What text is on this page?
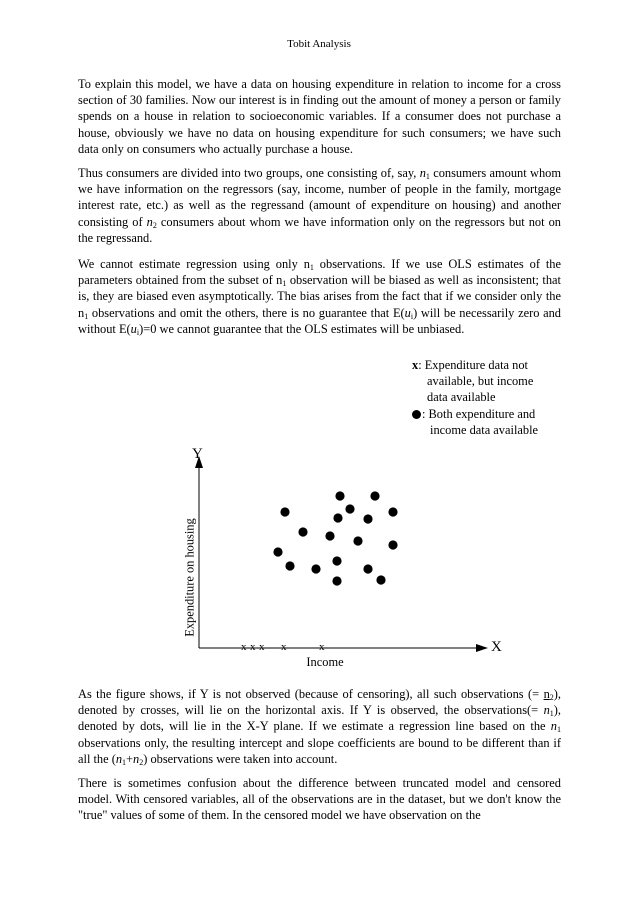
Tobit Analysis

To explain this model, we have a data on housing expenditure in relation to income for a cross section of 30 families. Now our interest is in finding out the amount of money a person or family spends on a house in relation to socioeconomic variables. If a consumer does not purchase a house, obviously we have no data on housing expenditure for such consumers; we have such data only on consumers who actually purchase a house.

Thus consumers are divided into two groups, one consisting of, say, $n_1$ consumers amount whom we have information on the regressors (say, income, number of people in the family, mortgage interest rate, etc.) as well as the regressand (amount of expenditure on housing) and another consisting of $n_2$ consumers about whom we have information only on the regressors but not on the regressand.

We cannot estimate regression using only $n_1$ observations. If we use OLS estimates of the parameters obtained from the subset of $n_1$ observation will be biased as well as inconsistent; that is, they are biased even asymptotically. The bias arises from the fact that if we consider only the $n_1$ observations and omit the others, there is no guarantee that $E(u_i)$ will be necessarily zero and without $E(u_i)=0$ we cannot guarantee that the OLS estimates will be unbiased.

x: Expenditure data not
available, but income
data available
: Both expenditure and
income data available
x x x x	x
Y
X
Expenditure on housing
Income

As the figure shows, if Y is not observed (because of censoring), all such observations (= $n_2$), denoted by crosses, will lie on the horizontal axis. If Y is observed, the observations(= $n_1$), denoted by dots, will lie in the X-Y plane. If we estimate a regression line based on the $n_1$ observations only, the resulting intercept and slope coefficients are bound to be different than if all the $(n_1+n_2)$ observations were taken into account.

There is sometimes confusion about the difference between truncated model and censored model. With censored variables, all of the observations are in the dataset, but we don't know the "true" values of some of them. In the censored model we have observation on the
